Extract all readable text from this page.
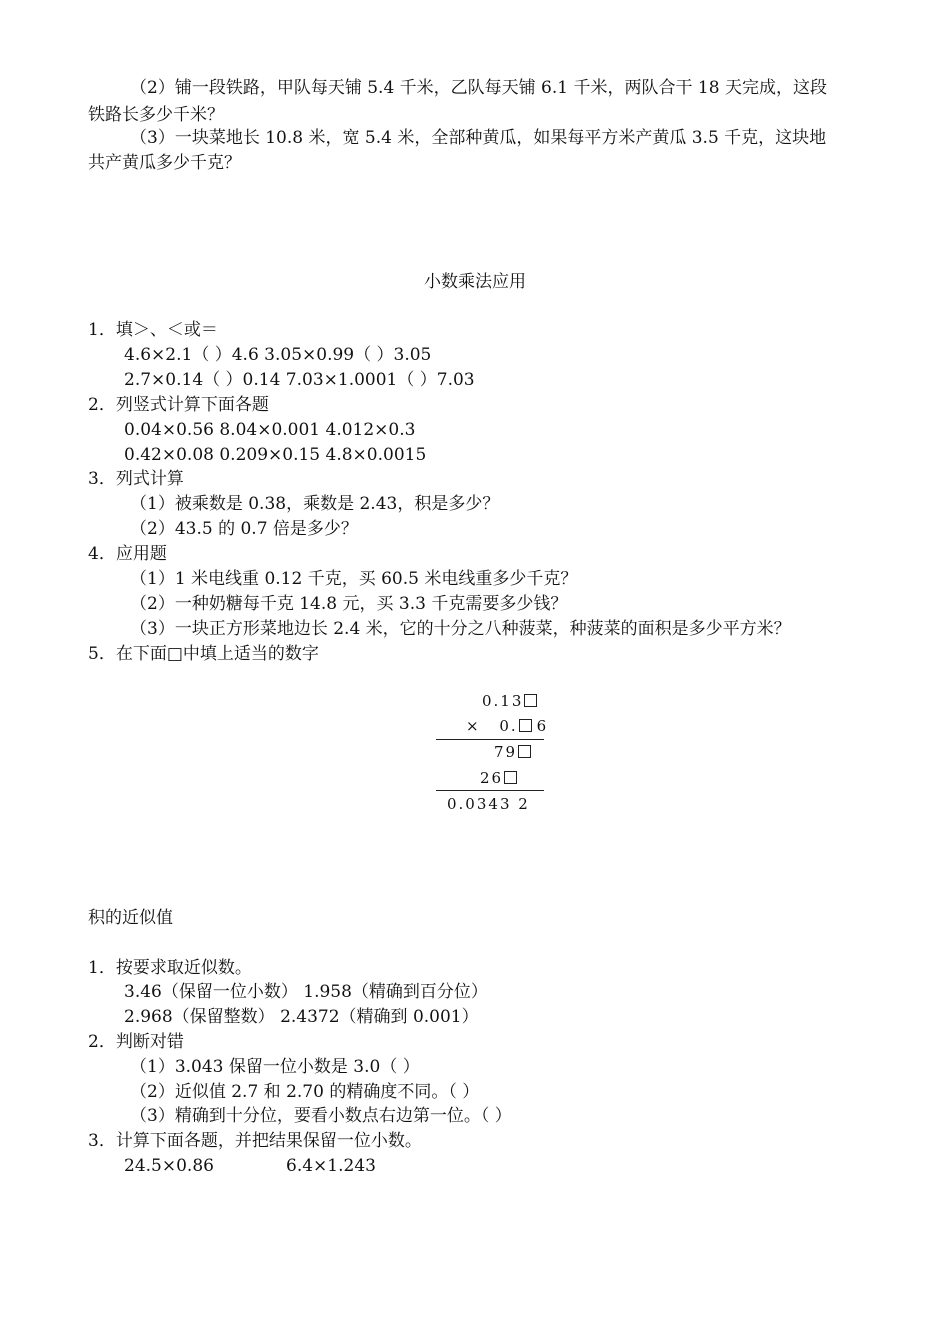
（2）铺一段铁路，甲队每天铺 5.4 千米，乙队每天铺 6.1 千米，两队合干 18 天完成，这段
铁路长多少千米？
（3）一块菜地长 10.8 米，宽 5.4 米，全部种黄瓜，如果每平方米产黄瓜 3.5 千克，这块地
共产黄瓜多少千克？
小数乘法应用
1．填＞、＜或＝
4.6×2.1（ ）4.6 3.05×0.99（ ）3.05
2.7×0.14（ ）0.14 7.03×1.0001（ ）7.03
2．列竖式计算下面各题
0.04×0.56 8.04×0.001 4.012×0.3
0.42×0.08 0.209×0.15 4.8×0.0015
3．列式计算
（1）被乘数是 0.38，乘数是 2.43，积是多少？
（2）43.5 的 0.7 倍是多少？
4．应用题
（1）1 米电线重 0.12 千克，买 60.5 米电线重多少千克？
（2）一种奶糖每千克 14.8 元，买 3.3 千克需要多少钱？
（3）一块正方形菜地边长 2.4 米，它的十分之八种菠菜，种菠菜的面积是多少平方米？
5．在下面□中填上适当的数字
0.13
× 0. 6
79
26
0.0343 2
积的近似值
1．按要求取近似数。
3.46（保留一位小数） 1.958（精确到百分位）
2.968（保留整数） 2.4372（精确到 0.001）
2．判断对错
（1）3.043 保留一位小数是 3.0（ ）
（2）近似值 2.7 和 2.70 的精确度不同。（ ）
（3）精确到十分位，要看小数点右边第一位。（ ）
3．计算下面各题，并把结果保留一位小数。
24.5×0.86	6.4×1.243
